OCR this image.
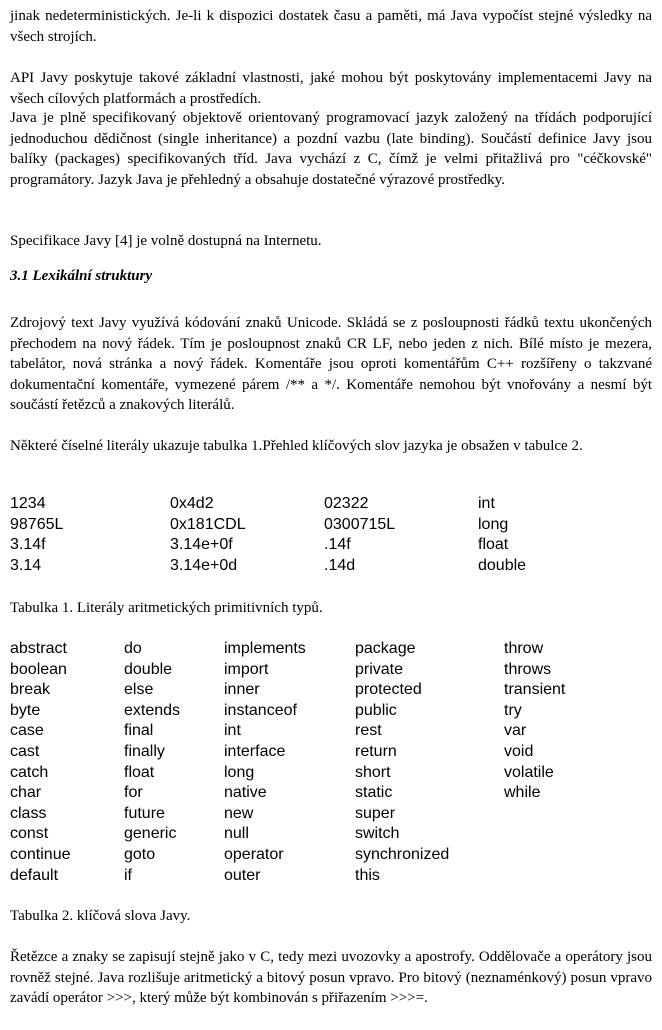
jinak nedeterministických. Je-li k dispozici dostatek času a paměti, má Java vypočíst stejné výsledky na všech strojích.

API Javy poskytuje takové základní vlastnosti, jaké mohou být poskytovány implementacemi Javy na všech cílových platformách a prostředích.

Java je plně specifikovaný objektově orientovaný programovací jazyk založený na třídách podporující jednoduchou dědičnost (single inheritance) a pozdní vazbu (late binding). Součástí definice Javy jsou balíky (packages) specifikovaných tříd. Java vychází z C, čímž je velmi přitažlivá pro "céčkovské" programátory. Jazyk Java je přehledný a obsahuje dostatečné výrazové prostředky.

Specifikace Javy [4] je volně dostupná na Internetu.

3.1 Lexikální struktury

Zdrojový text Javy využívá kódování znaků Unicode. Skládá se z posloupnosti řádků textu ukončených přechodem na nový řádek. Tím je posloupnost znaků CR LF, nebo jeden z nich. Bílé místo je mezera, tabelátor, nová stránka a nový řádek. Komentáře jsou oproti komentářům C++ rozšířeny o takzvané dokumentační komentáře, vymezené párem /** a */. Komentáře nemohou být vnořovány a nesmí být součástí řetězců a znakových literálů.

Některé číselné literály ukazuje tabulka 1.Přehled klíčových slov jazyka je obsažen v tabulce 2.

1234
98765L
3.14f
3.14
0x4d2
0x181CDL
3.14e+0f
3.14e+0d
02322
0300715L
.14f
.14d
int
long
float
double

Tabulka 1. Literály aritmetických primitivních typů.

abstract
boolean
break
byte
case
cast
catch
char
class
const
continue
default
do
double
else
extends
final
finally
float
for
future
generic
goto
if
implements
import
inner
instanceof
int
interface
long
native
new
null
operator
outer
package
private
protected
public
rest
return
short
static
super
switch
synchronized
this
throw
throws
transient
try
var
void
volatile
while

Tabulka 2. klíčová slova Javy.

Řetězce a znaky se zapisují stejně jako v C, tedy mezi uvozovky a apostrofy. Oddělovače a operátory jsou rovněž stejné. Java rozlišuje aritmetický a bitový posun vpravo. Pro bitový (neznaménkový) posun vpravo zavádí operátor >>>, který může být kombinován s přiřazením >>>=.
